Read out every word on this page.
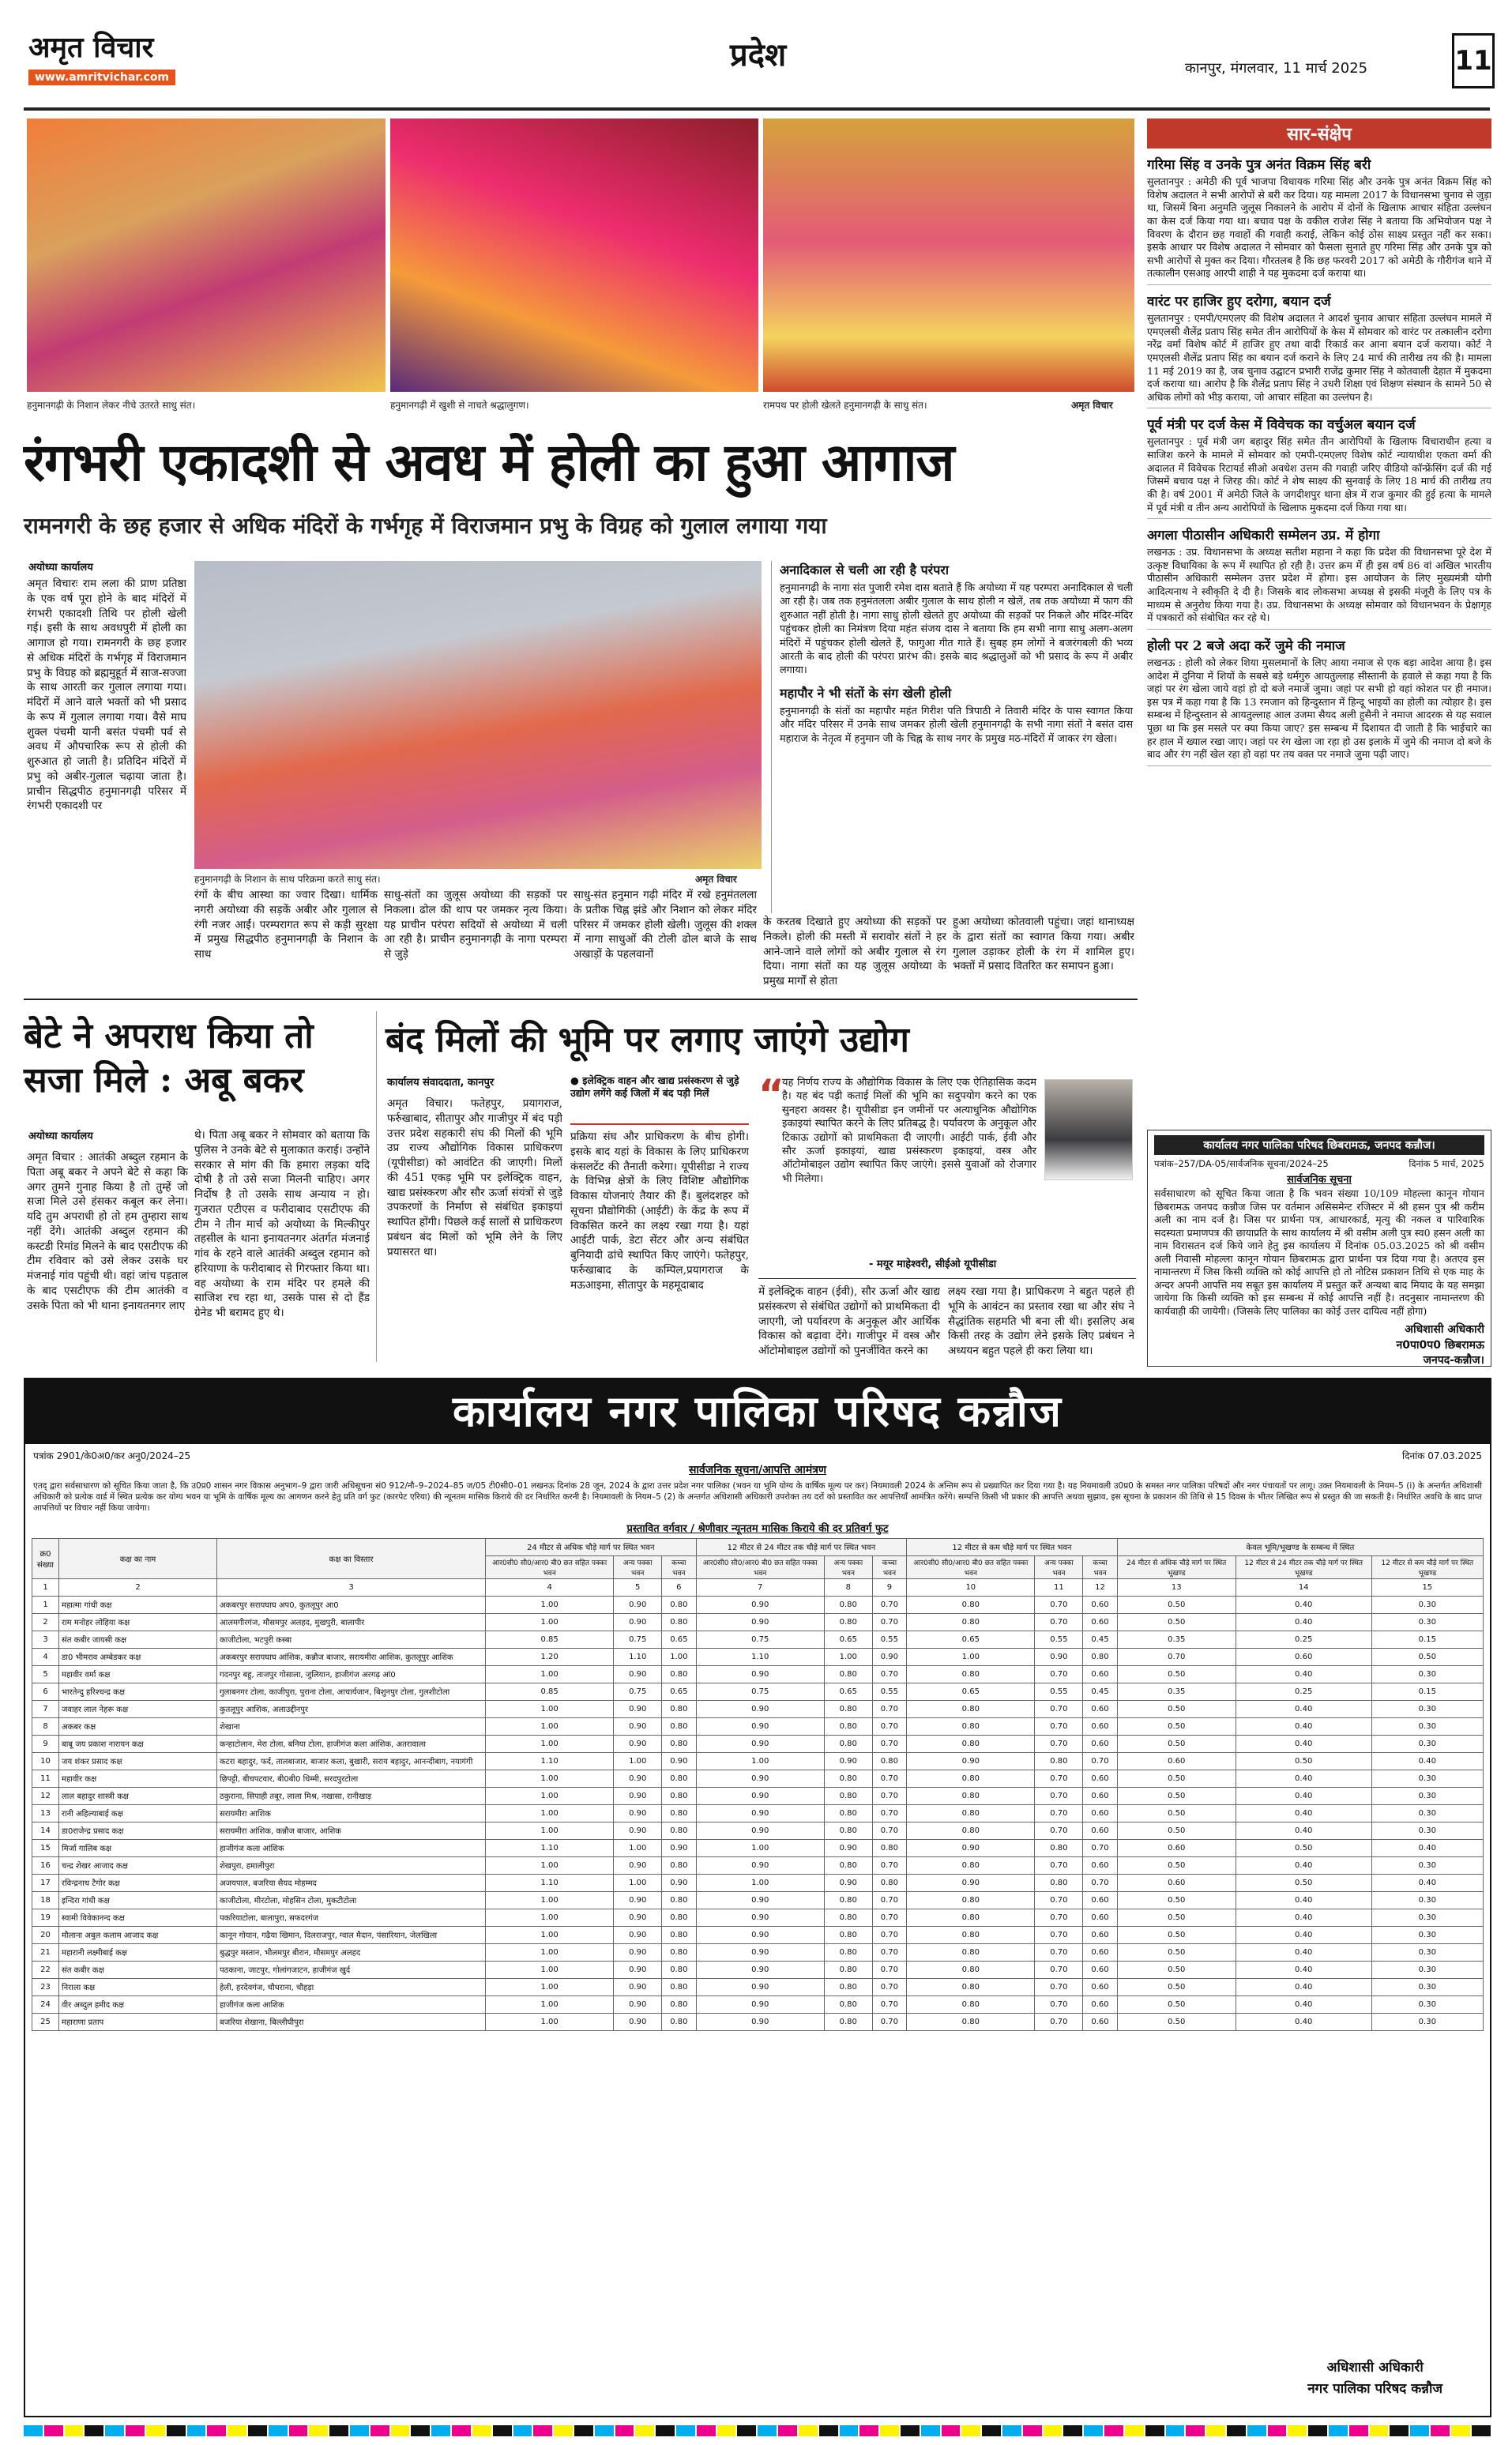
अमृत विचार
www.amritvichar.com
प्रदेश	कानपुर, मंगलवार, 11 मार्च 2025	11
हनुमानगढ़ी के निशान लेकर नीचे उतरते साधु संत।	हनुमानगढ़ी में खुशी से नाचते श्रद्धालुगण।	रामपथ पर होली खेलते हनुमानगढ़ी के साधु संत।	अमृत विचार
रंगभरी एकादशी से अवध में होली का हुआ आगाज
रामनगरी के छह हजार से अधिक मंदिरों के गर्भगृह में विराजमान प्रभु के विग्रह को गुलाल लगाया गया
अयोध्या कार्यालय
अमृत विचारः राम लला की प्राण प्रतिष्ठा के एक वर्ष पूरा होने के बाद मंदिरों में रंगभरी एकादशी तिथि पर होली खेली गई। इसी के साथ अवधपुरी में होली का आगाज हो गया। रामनगरी के छह हजार से अधिक मंदिरों के गर्भगृह में विराजमान प्रभु के विग्रह को ब्रह्ममुहूर्त में साज-सज्जा के साथ आरती कर गुलाल लगाया गया। मंदिरों में आने वाले भक्तों को भी प्रसाद के रूप में गुलाल लगाया गया। वैसे माघ शुक्ल पंचमी यानी बसंत पंचमी पर्व से अवध में औपचारिक रूप से होली की शुरुआत हो जाती है। प्रतिदिन मंदिरों में प्रभु को अबीर-गुलाल चढ़ाया जाता है। प्राचीन सिद्धपीठ हनुमानगढ़ी परिसर में रंगभरी एकादशी पर
हनुमानगढ़ी के निशान के साथ परिक्रमा करते साधु संत।	अमृत विचार
अनादिकाल से चली आ रही है परंपरा
हनुमानगढ़ी के नागा संत पुजारी रमेश दास बताते हैं कि अयोध्या में यह परम्परा अनादिकाल से चली आ रही है। जब तक हनुमंतलला अबीर गुलाल के साथ होली न खेलें, तब तक अयोध्या में फाग की शुरुआत नहीं होती है। नागा साधु होली खेलते हुए अयोध्या की सड़कों पर निकले और मंदिर-मंदिर पहुंचकर होली का निमंत्रण दिया महंत संजय दास ने बताया कि हम सभी नागा साधु अलग-अलग मंदिरों में पहुंचकर होली खेलते हैं, फागुआ गीत गाते हैं। सुबह हम लोगों ने बजरंगबली की भव्य आरती के बाद होली की परंपरा प्रारंभ की। इसके बाद श्रद्धालुओं को भी प्रसाद के रूप में अबीर लगाया।
महापौर ने भी संतों के संग खेली होली
हनुमानगढ़ी के संतों का महापौर महंत गिरीश पति त्रिपाठी ने तिवारी मंदिर के पास स्वागत किया और मंदिर परिसर में उनके साथ जमकर होली खेली हनुमानगढ़ी के सभी नागा संतों ने बसंत दास महाराज के नेतृत्व में हनुमान जी के चिह्न के साथ नगर के प्रमुख मठ-मंदिरों में जाकर रंग खेला।
रंगों के बीच आस्था का ज्वार दिखा। धार्मिक नगरी अयोध्या की सड़कें अबीर और गुलाल से रंगी नजर आईं। परम्परागत रूप से कड़ी सुरक्षा में प्रमुख सिद्धपीठ हनुमानगढ़ी के निशान के साथ
साधु-संतों का जुलूस अयोध्या की सड़कों पर निकला। ढोल की थाप पर जमकर नृत्य किया। यह प्राचीन परंपरा सदियों से अयोध्या में चली आ रही है। प्राचीन हनुमानगढ़ी के नागा परम्परा से जुड़े
साधु-संत हनुमान गढ़ी मंदिर में रखे हनुमंतलला के प्रतीक चिह्न झंडे और निशान को लेकर मंदिर परिसर में जमकर होली खेली। जुलूस की शक्ल में नागा साधुओं की टोली ढोल बाजे के साथ अखाड़ों के पहलवानों
के करतब दिखाते हुए अयोध्या की सड़कों पर निकले। होली की मस्ती में सरावोर संतों ने हर आने-जाने वाले लोगों को अबीर गुलाल से रंग दिया। नागा संतों का यह जुलूस अयोध्या के प्रमुख मार्गों से होता
हुआ अयोध्या कोतवाली पहुंचा। जहां थानाध्यक्ष के द्वारा संतों का स्वागत किया गया। अबीर गुलाल उड़ाकर होली के रंग में शामिल हुए। भक्तों में प्रसाद वितरित कर समापन हुआ।
बेटे ने अपराध किया तो सजा मिले : अबू बकर
अयोध्या कार्यालय
अमृत विचार : आतंकी अब्दुल रहमान के पिता अबू बकर ने अपने बेटे से कहा कि अगर तुमने गुनाह किया है तो तुम्हें जो सजा मिले उसे हंसकर कबूल कर लेना। यदि तुम अपराधी हो तो हम तुम्हारा साथ नहीं देंगे। आतंकी अब्दुल रहमान की कस्टडी रिमांड मिलने के बाद एसटीएफ की टीम रविवार को उसे लेकर उसके घर मंजनाई गांव पहुंची थी। वहां जांच पड़ताल के बाद एसटीएफ की टीम आतंकी व उसके पिता को भी थाना इनायतनगर लाए
थे। पिता अबू बकर ने सोमवार को बताया कि पुलिस ने उनके बेटे से मुलाकात कराई। उन्होंने सरकार से मांग की कि हमारा लड़का यदि दोषी है तो उसे सजा मिलनी चाहिए। अगर निर्दोष है तो उसके साथ अन्याय न हो। गुजरात एटीएस व फरीदाबाद एसटीएफ की टीम ने तीन मार्च को अयोध्या के मिल्कीपुर तहसील के थाना इनायतनगर अंतर्गत मंजनाई गांव के रहने वाले आतंकी अब्दुल रहमान को हरियाणा के फरीदाबाद से गिरफ्तार किया था। वह अयोध्या के राम मंदिर पर हमले की साजिश रच रहा था, उसके पास से दो हैंड ग्रेनेड भी बरामद हुए थे।
बंद मिलों की भूमि पर लगाए जाएंगे उद्योग
कार्यालय संवाददाता, कानपुर
अमृत विचार। फतेहपुर, प्रयागराज, फर्रुखाबाद, सीतापुर और गाजीपुर में बंद पड़ी उत्तर प्रदेश सहकारी संघ की मिलों की भूमि उप्र राज्य औद्योगिक विकास प्राधिकरण (यूपीसीडा) को आवंटित की जाएगी। मिलों की 451 एकड़ भूमि पर इलेक्ट्रिक वाहन, खाद्य प्रसंस्करण और सौर ऊर्जा संयंत्रों से जुड़े उपकरणों के निर्माण से संबंधित इकाइयां स्थापित होंगी। पिछले कई सालों से प्राधिकरण प्रबंधन बंद मिलों को भूमि लेने के लिए प्रयासरत था।
● इलेक्ट्रिक वाहन और खाद्य प्रसंस्करण से जुड़े उद्योग लगेंगे कई जिलों में बंद पड़ी मिलें
प्रक्रिया संघ और प्राधिकरण के बीच होगी। इसके बाद यहां के विकास के लिए प्राधिकरण कंसलटेंट की तैनाती करेगा। यूपीसीडा ने राज्य के विभिन्न क्षेत्रों के लिए विशिष्ट औद्योगिक विकास योजनाएं तैयार की हैं। बुलंदशहर को सूचना प्रौद्योगिकी (आईटी) के केंद्र के रूप में विकसित करने का लक्ष्य रखा गया है। यहां आईटी पार्क, डेटा सेंटर और अन्य संबंधित बुनियादी ढांचे स्थापित किए जाएंगे। फतेहपुर, फर्रुखाबाद के कम्पिल,प्रयागराज के मऊआइमा, सीतापुर के महमूदाबाद
“
यह निर्णय राज्य के औद्योगिक विकास के लिए एक ऐतिहासिक कदम है। यह बंद पड़ी कताई मिलों की भूमि का सदुपयोग करने का एक सुनहरा अवसर है। यूपीसीडा इन जमीनों पर अत्याधुनिक औद्योगिक इकाइयां स्थापित करने के लिए प्रतिबद्ध है। पर्यावरण के अनुकूल और टिकाऊ उद्योगों को प्राथमिकता दी जाएगी। आईटी पार्क, ईवी और सौर ऊर्जा इकाइयां, खाद्य प्रसंस्करण इकाइयां, वस्त्र और ऑटोमोबाइल उद्योग स्थापित किए जाएंगे। इससे युवाओं को रोजगार भी मिलेगा।
- मयूर माहेश्वरी, सीईओ यूपीसीडा
में इलेक्ट्रिक वाहन (ईवी), सौर ऊर्जा और खाद्य प्रसंस्करण से संबंधित उद्योगों को प्राथमिकता दी जाएगी, जो पर्यावरण के अनुकूल और आर्थिक विकास को बढ़ावा देंगे। गाजीपुर में वस्त्र और ऑटोमोबाइल उद्योगों को पुनर्जीवित करने का
लक्ष्य रखा गया है। प्राधिकरण ने बहुत पहले ही भूमि के आवंटन का प्रस्ताव रखा था और संघ ने सैद्धांतिक सहमति भी बना ली थी। इसलिए अब किसी तरह के उद्योग लेने इसके लिए प्रबंधन ने अध्ययन बहुत पहले ही करा लिया था।
सार-संक्षेप
गरिमा सिंह व उनके पुत्र अनंत विक्रम सिंह बरी
सुलतानपुर : अमेठी की पूर्व भाजपा विधायक गरिमा सिंह और उनके पुत्र अनंत विक्रम सिंह को विशेष अदालत ने सभी आरोपों से बरी कर दिया। यह मामला 2017 के विधानसभा चुनाव से जुड़ा था, जिसमें बिना अनुमति जुलूस निकालने के आरोप में दोनों के खिलाफ आचार संहिता उल्लंघन का केस दर्ज किया गया था। बचाव पक्ष के वकील राजेश सिंह ने बताया कि अभियोजन पक्ष ने विवरण के दौरान छह गवाहों की गवाही कराई, लेकिन कोई ठोस साक्ष्य प्रस्तुत नहीं कर सका। इसके आधार पर विशेष अदालत ने सोमवार को फैसला सुनाते हुए गरिमा सिंह और उनके पुत्र को सभी आरोपों से मुक्त कर दिया। गौरतलब है कि छह फरवरी 2017 को अमेठी के गौरीगंज थाने में तत्कालीन एसआइ आरपी शाही ने यह मुकदमा दर्ज कराया था।
वारंट पर हाजिर हुए दरोगा, बयान दर्ज
सुलतानपुर : एमपी/एमएलए की विशेष अदालत ने आदर्श चुनाव आचार संहिता उल्लंघन मामले में एमएलसी शैलेंद्र प्रताप सिंह समेत तीन आरोपियों के केस में सोमवार को वारंट पर तत्कालीन दरोगा नरेंद्र वर्मा विशेष कोर्ट में हाजिर हुए तथा वादी रिकार्ड कर आना बयान दर्ज कराया। कोर्ट ने एमएलसी शैलेंद्र प्रताप सिंह का बयान दर्ज कराने के लिए 24 मार्च की तारीख तय की है। मामला 11 मई 2019 का है, जब चुनाव उद्घाटन प्रभारी राजेंद्र कुमार सिंह ने कोतवाली देहात में मुकदमा दर्ज कराया था। आरोप है कि शैलेंद्र प्रताप सिंह ने उधरी शिक्षा एवं शिक्षण संस्थान के सामने 50 से अधिक लोगों को भीड़ कराया, जो आचार संहिता का उल्लंघन है।
पूर्व मंत्री पर दर्ज केस में विवेचक का वर्चुअल बयान दर्ज
सुलतानपुर : पूर्व मंत्री जग बहादुर सिंह समेत तीन आरोपियों के खिलाफ विचाराधीन हत्या व साजिश करने के मामले में सोमवार को एमपी-एमएलए विशेष कोर्ट न्यायाधीश एकता वर्मा की अदालत में विवेचक रिटायर्ड सीओ अवधेश उत्तम की गवाही जरिए वीडियो कॉन्फ्रेंसिंग दर्ज की गई जिसमें बचाव पक्ष ने जिरह की। कोर्ट ने शेष साक्ष्य की सुनवाई के लिए 18 मार्च की तारीख तय की है। वर्ष 2001 में अमेठी जिले के जगदीशपुर थाना क्षेत्र में राज कुमार की हुई हत्या के मामले में पूर्व मंत्री व तीन अन्य आरोपियों के खिलाफ मुकदमा दर्ज किया गया था।
अगला पीठासीन अधिकारी सम्मेलन उप्र. में होगा
लखनऊ : उप्र. विधानसभा के अध्यक्ष सतीश महाना ने कहा कि प्रदेश की विधानसभा पूरे देश में उत्कृष्ट विधायिका के रूप में स्थापित हो रही है। उत्तर क्रम में ही इस वर्ष 86 वां अखिल भारतीय पीठासीन अधिकारी सम्मेलन उत्तर प्रदेश में होगा। इस आयोजन के लिए मुख्यमंत्री योगी आदित्यनाथ ने स्वीकृति दे दी है। जिसके बाद लोकसभा अध्यक्ष से इसकी मंजूरी के लिए पत्र के माध्यम से अनुरोध किया गया है। उप्र. विधानसभा के अध्यक्ष सोमवार को विधानभवन के प्रेक्षागृह में पत्रकारों को संबोधित कर रहे थे।
होली पर 2 बजे अदा करें जुमे की नमाज
लखनऊ : होली को लेकर शिया मुसलमानों के लिए आया नमाज से एक बड़ा आदेश आया है। इस आदेश में दुनिया में शियों के सबसे बड़े धर्मगुरु आयतुल्लाह सीस्तानी के हवाले से कहा गया है कि जहां पर रंग खेला जाये वहां हो दो बजे नमाजें जुमा। जहां पर सभी हो वहां कोशत पर ही नमाज। इस पत्र में कहा गया है कि 13 रमजान को हिन्दुस्तान में हिन्दू भाइयों का होली का त्योहार है। इस सम्बन्ध में हिन्दुस्तान से आयतुल्लाह आल उजमा सैयद अली हुसैनी ने नमाज आदरक से यह सवाल पूछा था कि इस मसले पर क्या किया जाए? इस सम्बन्ध में दिशायत दी जाती है कि भाईचारे का हर हाल में ख्याल रखा जाए। जहां पर रंग खेला जा रहा हो उस इलाके में जुमे की नमाज दो बजे के बाद और रंग नहीं खेल रहा हो वहां पर तय वक्त पर नमाजे जुमा पढ़ी जाए।
कार्यालय नगर पालिका परिषद छिबरामऊ, जनपद कन्नौज।
पत्रांक–257/DA-05/सार्वजनिक सूचना/2024–25	दिनांक 5 मार्च, 2025
सार्वजनिक सूचना
सर्वसाधारण को सूचित किया जाता है कि भवन संख्या 10/109 मोहल्ला कानून गोयान छिबरामऊ जनपद कन्नौज जिस पर वर्तमान असिसमेन्ट रजिस्टर में श्री हसन पुत्र श्री करीम अली का नाम दर्ज है। जिस पर प्रार्थना पत्र, आधारकार्ड, मृत्यु की नकल व पारिवारिक सदस्यता प्रमाणपत्र की छायाप्रति के साथ कार्यालय में श्री वसीम अली पुत्र स्व0 हसन अली का नाम विरासतन दर्ज किये जाने हेतु इस कार्यालय में दिनांक 05.03.2025 को श्री वसीम अली निवासी मोहल्ला कानून गोयान छिबरामऊ द्वारा प्रार्थना पत्र दिया गया है। अतएव इस नामान्तरण में जिस किसी व्यक्ति को कोई आपत्ति हो तो नोटिस प्रकाशन तिथि से एक माह के अन्दर अपनी आपत्ति मय सबूत इस कार्यालय में प्रस्तुत करें अन्यथा बाद मियाद के यह समझा जायेगा कि किसी व्यक्ति को इस सम्बन्ध में कोई आपत्ति नहीं है। तदनुसार नामान्तरण की कार्यवाही की जायेगी। (जिसके लिए पालिका का कोई उत्तर दायित्व नहीं होगा)
अधिशासी अधिकारी
न0पा0प0 छिबरामऊ
जनपद-कन्नौज।
कार्यालय नगर पालिका परिषद कन्नौज
पत्रांक 2901/के0अ0/कर अनु0/2024–25	दिनांक 07.03.2025
सार्वजनिक सूचना/आपत्ति आमंत्रण
एतद् द्वारा सर्वसाधारण को सूचित किया जाता है, कि उ0प्र0 शासन नगर विकास अनुभाग–9 द्वारा जारी अधिसूचना सं0 912/नौ–9–2024–85 ज/05 टी0सी0–01 लखनऊ दिनांक 28 जून, 2024 के द्वारा उत्तर प्रदेश नगर पालिका (भवन या भूमि योग्य के वार्षिक मूल्य पर कर) नियमावली 2024 के अन्तिम रूप से प्रख्यापित कर दिया गया है। यह नियमावली उ0प्र0 के समस्त नगर पालिका परिषदों और नगर पंचायतों पर लागू। उक्त नियमावली के नियम–5 (i) के अन्तर्गत अधिशासी अधिकारी को प्रत्येक वार्ड में स्थित प्रत्येक कर योग्य भवन या भूमि के वार्षिक मूल्य का आगणन करने हेतु प्रति वर्ग फुट (कारपेट एरिया) की न्यूनतम मासिक किराये की दर निर्धारित करनी है। नियमावली के नियम–5 (2) के अन्तर्गत अधिशासी अधिकारी उपरोक्त तय दरों को प्रस्तावित कर आपत्तियाँ आमंत्रित करेंगे। सम्पत्ति किसी भी प्रकार की आपत्ति अथवा सुझाव, इस सूचना के प्रकाशन की तिथि से 15 दिवस के भीतर लिखित रूप से प्रस्तुत की जा सकती है। निर्धारित अवधि के बाद प्राप्त आपत्तियों पर विचार नहीं किया जायेगा।
प्रस्तावित वर्गवार / श्रेणीवार न्यूनतम मासिक किराये की दर प्रतिवर्ग फुट
क्र0 संख्या	कक्ष का नाम	कक्ष का विस्तार	24 मीटर से अधिक चौड़े मार्ग पर स्थित भवन			12 मीटर से 24 मीटर तक चौड़े मार्ग पर स्थित भवन			12 मीटर से कम चौड़े मार्ग पर स्थित भवन			केवल भूमि/भूखण्ड के सम्बन्ध में स्थित		
			आर0सी0 सी0/आर0 बी0 छत सहित पक्का भवन	अन्य पक्का भवन	कच्चा भवन	आर0सी0 सी0/आर0 बी0 छत सहित पक्का भवन	अन्य पक्का भवन	कच्चा भवन	आर0सी0 सी0/आर0 बी0 छत सहित पक्का भवन	अन्य पक्का भवन	कच्चा भवन	24 मीटर से अधिक चौड़े मार्ग पर स्थित भूखण्ड	12 मीटर से 24 मीटर तक चौड़े मार्ग पर स्थित भूखण्ड	12 मीटर से कम चौड़े मार्ग पर स्थित भूखण्ड
1	2	3	4	5	6	7	8	9	10	11	12	13	14	15
1	महात्मा गांधी कक्ष	अकबरपुर सरायघाघ अप0, कुतलूपुर आ0	1.00	0.90	0.80	0.90	0.80	0.70	0.80	0.70	0.60	0.50	0.40	0.30
2	राम मनोहर लोहिया कक्ष	आलमगीरगंज, मौसमपुर अलहद, मुखपुरी, बालापीर	1.00	0.90	0.80	0.90	0.80	0.70	0.80	0.70	0.60	0.50	0.40	0.30
3	संत कबीर जायसी कक्ष	काजीटोला, भटपुरी कस्बा	0.85	0.75	0.65	0.75	0.65	0.55	0.65	0.55	0.45	0.35	0.25	0.15
4	डा0 भीमराव अम्बेडकर कक्ष	अकबरपुर सरायघाघ आंशिक, कन्नौज बाजार, सरायमीरा आशिक, कुतलूपुर आशिक	1.20	1.10	1.00	1.10	1.00	0.90	1.00	0.90	0.80	0.70	0.60	0.50
5	महावीर वर्मा कक्ष	गदनपुर बहु, ताजपुर गोसाला, जुलियान, हाजीगंज अरगढ़ आं0	1.00	0.90	0.80	0.90	0.80	0.70	0.80	0.70	0.60	0.50	0.40	0.30
6	भारतेन्दु हरिश्चन्द्र कक्ष	गुलाबनगर टोला, काजीपुरा, पुराना टोला, आचार्यजान, बिशुनपुर टोला, गुलशीटोला	0.85	0.75	0.65	0.75	0.65	0.55	0.65	0.55	0.45	0.35	0.25	0.15
7	जवाहर लाल नेहरू कक्ष	कुतलूपुर आशिक, अलाउद्दीनपुर	1.00	0.90	0.80	0.90	0.80	0.70	0.80	0.70	0.60	0.50	0.40	0.30
8	अकबर कक्ष	शेखाना	1.00	0.90	0.80	0.90	0.80	0.70	0.80	0.70	0.60	0.50	0.40	0.30
9	बाबू जय प्रकाश नारायन कक्ष	कन्हाटोलान, मेरा टोला, बनिया टोला, हाजीगंज कला आंशिक, अतरावाला	1.00	0.90	0.80	0.90	0.80	0.70	0.80	0.70	0.60	0.50	0.40	0.30
10	जय शंकर प्रसाद कक्ष	कटरा बहादुर, फर्द, तालबाजार, बाजार कला, बुखारी, सराय बहादुर, आनन्दीबाग, नयागंगी	1.10	1.00	0.90	1.00	0.90	0.80	0.90	0.80	0.70	0.60	0.50	0.40
11	महावीर कक्ष	छिपट्टी, बीचपटवार, बी0बी0 धिम्मी, सरदपुरटोला	1.00	0.90	0.80	0.90	0.80	0.70	0.80	0.70	0.60	0.50	0.40	0.30
12	लाल बहादुर शास्त्री कक्ष	ठकुराना, सिपाही तबूर, लाला मिश्र, नखासा, रानीखाड़	1.00	0.90	0.80	0.90	0.80	0.70	0.80	0.70	0.60	0.50	0.40	0.30
13	रानी अहिल्याबाई कक्ष	सरायमीरा आशिक	1.00	0.90	0.80	0.90	0.80	0.70	0.80	0.70	0.60	0.50	0.40	0.30
14	डा0राजेन्द्र प्रसाद कक्ष	सरायमीरा आंशिक, कन्नौज बाजार, आशिक	1.00	0.90	0.80	0.90	0.80	0.70	0.80	0.70	0.60	0.50	0.40	0.30
15	मिर्जा गालिब कक्ष	हाजीगंज कला आंशिक	1.10	1.00	0.90	1.00	0.90	0.80	0.90	0.80	0.70	0.60	0.50	0.40
16	चन्द्र शेखर आजाद कक्ष	शेखपुरा, हमालीपुरा	1.00	0.90	0.80	0.90	0.80	0.70	0.80	0.70	0.60	0.50	0.40	0.30
17	रविन्द्रनाथ टैगोर कक्ष	अजयपाल, बजरिया सैयद मोहम्मद	1.10	1.00	0.90	1.00	0.90	0.80	0.90	0.80	0.70	0.60	0.50	0.40
18	इन्दिरा गांधी कक्ष	काजीटोला, मीरटोला, मोहसिन टोला, मुकटीटोला	1.00	0.90	0.80	0.90	0.80	0.70	0.80	0.70	0.60	0.50	0.40	0.30
19	स्वामी विवेकानन्द कक्ष	पकरियाटोला, बालापुरा, सफदरगंज	1.00	0.90	0.80	0.90	0.80	0.70	0.80	0.70	0.60	0.50	0.40	0.30
20	मौलाना अबुल कलाम आजाद कक्ष	कानून गोयान, गढैया खिमान, दिलराजपुर, ग्वाल मैदान, पंसारियान, जेलखिला	1.00	0.90	0.80	0.90	0.80	0.70	0.80	0.70	0.60	0.50	0.40	0.30
21	महारानी लक्ष्मीबाई कक्ष	बुद्धपुर मस्तान, भीलमपुर बीरान, मौसमपुर अलहद	1.00	0.90	0.80	0.90	0.80	0.70	0.80	0.70	0.60	0.50	0.40	0.30
22	संत कबीर कक्ष	पठकाना, जाटपुर, गोलांगजाटन, हाजीगंज खुर्द	1.00	0.90	0.80	0.90	0.80	0.70	0.80	0.70	0.60	0.50	0.40	0.30
23	निराला कक्ष	हेली, हरदेवगंज, चौधराना, चौहड़ा	1.00	0.90	0.80	0.90	0.80	0.70	0.80	0.70	0.60	0.50	0.40	0.30
24	वीर अब्दुल हमीद कक्ष	हाजीगंज कला आशिक	1.00	0.90	0.80	0.90	0.80	0.70	0.80	0.70	0.60	0.50	0.40	0.30
25	महाराणा प्रताप	बजरिया शेखाना, बिल्लीघीपुरा	1.00	0.90	0.80	0.90	0.80	0.70	0.80	0.70	0.60	0.50	0.40	0.30
अधिशासी अधिकारी
नगर पालिका परिषद कन्नौज
